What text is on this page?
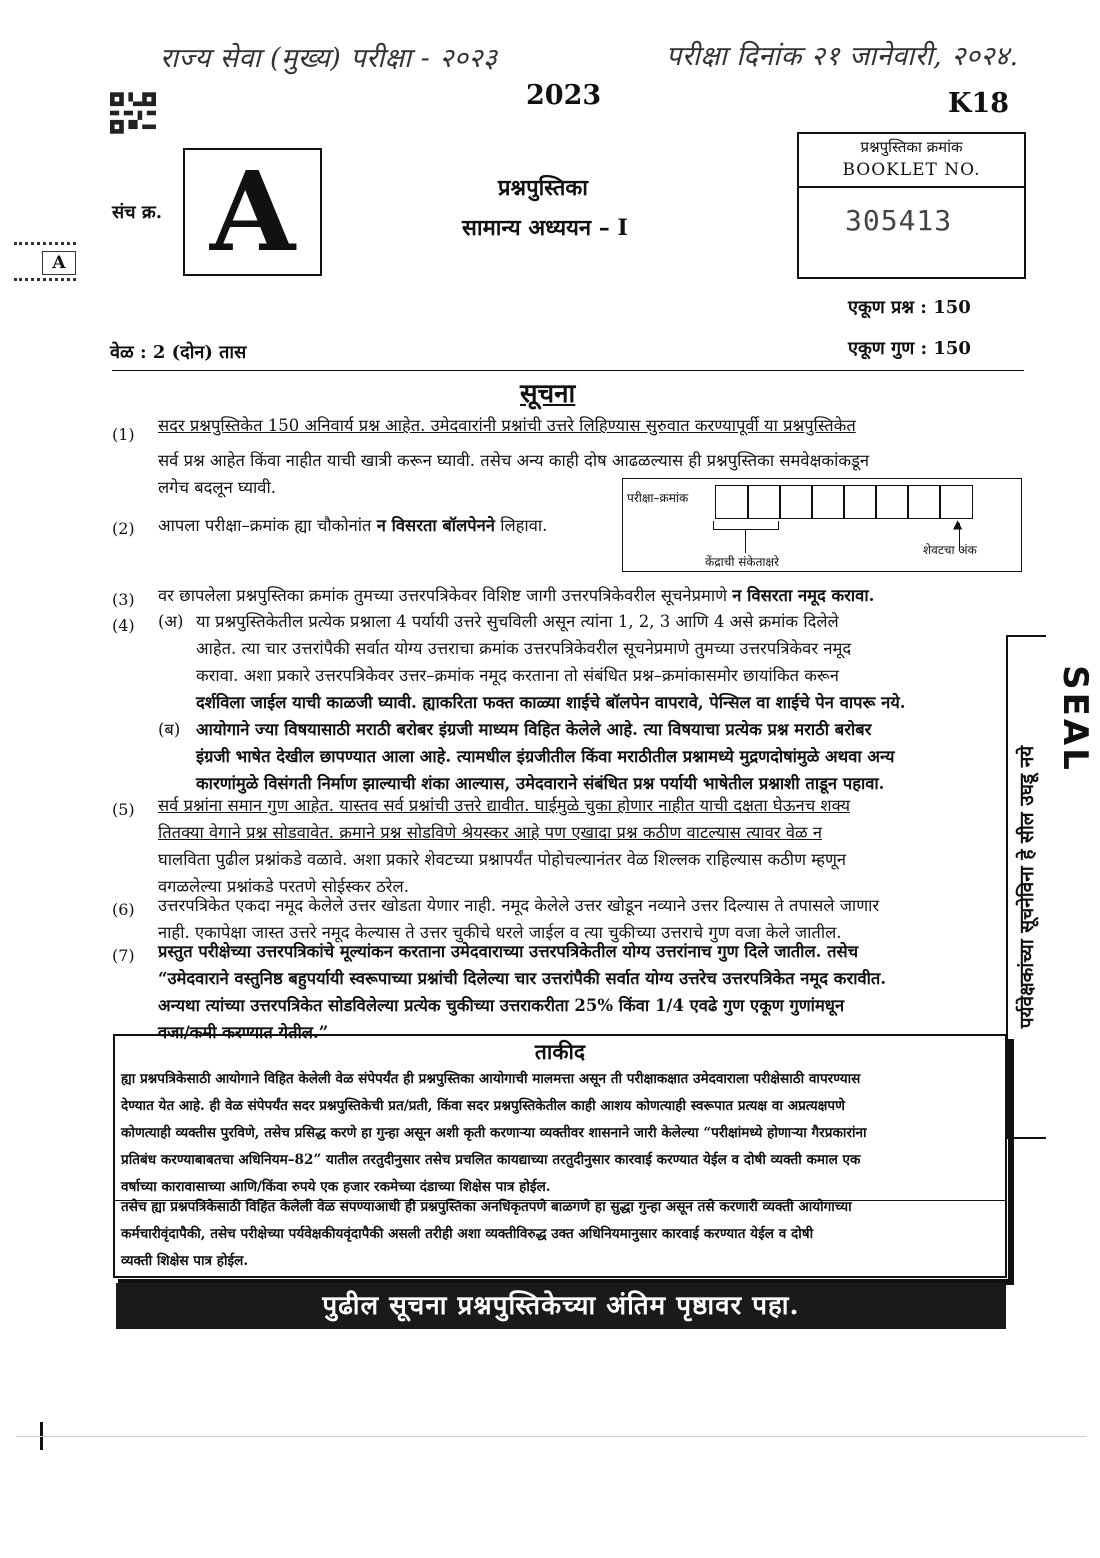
राज्य सेवा (मुख्य) परीक्षा - २०२३	परीक्षा दिनांक २१ जानेवारी, २०२४.
2023	K18
संच क्र. A
A
प्रश्नपुस्तिका
सामान्य अध्ययन – I
प्रश्नपुस्तिका क्रमांक
BOOKLET NO.
305413
एकूण प्रश्न : 150
वेळ : 2 (दोन) तास	एकूण गुण : 150
सूचना
(1) सदर प्रश्नपुस्तिकेत 150 अनिवार्य प्रश्न आहेत. उमेदवारांनी प्रश्नांची उत्तरे लिहिण्यास सुरुवात करण्यापूर्वी या प्रश्नपुस्तिकेत
सर्व प्रश्न आहेत किंवा नाहीत याची खात्री करून घ्यावी. तसेच अन्य काही दोष आढळल्यास ही प्रश्नपुस्तिका समवेक्षकांकडून
लगेच बदलून घ्यावी.
(2) आपला परीक्षा–क्रमांक ह्या चौकोनांत न विसरता बॉलपेनने लिहावा.
परीक्षा–क्रमांक
▲
केंद्राची संकेताक्षरे
शेवटचा अंक
(3) वर छापलेला प्रश्नपुस्तिका क्रमांक तुमच्या उत्तरपत्रिकेवर विशिष्ट जागी उत्तरपत्रिकेवरील सूचनेप्रमाणे न विसरता नमूद करावा.
(4) (अ) या प्रश्नपुस्तिकेतील प्रत्येक प्रश्नाला 4 पर्यायी उत्तरे सुचविली असून त्यांना 1, 2, 3 आणि 4 असे क्रमांक दिलेले
आहेत. त्या चार उत्तरांपैकी सर्वात योग्य उत्तराचा क्रमांक उत्तरपत्रिकेवरील सूचनेप्रमाणे तुमच्या उत्तरपत्रिकेवर नमूद
करावा. अशा प्रकारे उत्तरपत्रिकेवर उत्तर–क्रमांक नमूद करताना तो संबंधित प्रश्न–क्रमांकासमोर छायांकित करून
दर्शविला जाईल याची काळजी घ्यावी. ह्याकरिता फक्त काळ्या शाईचे बॉलपेन वापरावे, पेन्सिल वा शाईचे पेन वापरू नये.
(ब) आयोगाने ज्या विषयासाठी मराठी बरोबर इंग्रजी माध्यम विहित केलेले आहे. त्या विषयाचा प्रत्येक प्रश्न मराठी बरोबर
इंग्रजी भाषेत देखील छापण्यात आला आहे. त्यामधील इंग्रजीतील किंवा मराठीतील प्रश्नामध्ये मुद्रणदोषांमुळे अथवा अन्य
कारणांमुळे विसंगती निर्माण झाल्याची शंका आल्यास, उमेदवाराने संबंधित प्रश्न पर्यायी भाषेतील प्रश्नाशी ताडून पहावा.
(5) सर्व प्रश्नांना समान गुण आहेत. यास्तव सर्व प्रश्नांची उत्तरे द्यावीत. घाईमुळे चुका होणार नाहीत याची दक्षता घेऊनच शक्य
तितक्या वेगाने प्रश्न सोडवावेत. क्रमाने प्रश्न सोडविणे श्रेयस्कर आहे पण एखादा प्रश्न कठीण वाटल्यास त्यावर वेळ न
घालविता पुढील प्रश्नांकडे वळावे. अशा प्रकारे शेवटच्या प्रश्नापर्यंत पोहोचल्यानंतर वेळ शिल्लक राहिल्यास कठीण म्हणून
वगळलेल्या प्रश्नांकडे परतणे सोईस्कर ठरेल.
(6) उत्तरपत्रिकेत एकदा नमूद केलेले उत्तर खोडता येणार नाही. नमूद केलेले उत्तर खोडून नव्याने उत्तर दिल्यास ते तपासले जाणार
नाही. एकापेक्षा जास्त उत्तरे नमूद केल्यास ते उत्तर चुकीचे धरले जाईल व त्या चुकीच्या उत्तराचे गुण वजा केले जातील.
(7) प्रस्तुत परीक्षेच्या उत्तरपत्रिकांचे मूल्यांकन करताना उमेदवाराच्या उत्तरपत्रिकेतील योग्य उत्तरांनाच गुण दिले जातील. तसेच
“उमेदवाराने वस्तुनिष्ठ बहुपर्यायी स्वरूपाच्या प्रश्नांची दिलेल्या चार उत्तरांपैकी सर्वात योग्य उत्तरेच उत्तरपत्रिकेत नमूद करावीत.
अन्यथा त्यांच्या उत्तरपत्रिकेत सोडविलेल्या प्रत्येक चुकीच्या उत्तराकरीता 25% किंवा 1/4 एवढे गुण एकूण गुणांमधून
वजा/कमी करण्यात येतील.”
पर्यवेक्षकांच्या सूचनेविना हे सील उघडू नये
SEAL
ताकीद
ह्या प्रश्नपत्रिकेसाठी आयोगाने विहित केलेली वेळ संपेपर्यंत ही प्रश्नपुस्तिका आयोगाची मालमत्ता असून ती परीक्षाकक्षात उमेदवाराला परीक्षेसाठी वापरण्यास
देण्यात येत आहे. ही वेळ संपेपर्यंत सदर प्रश्नपुस्तिकेची प्रत/प्रती, किंवा सदर प्रश्नपुस्तिकेतील काही आशय कोणत्याही स्वरूपात प्रत्यक्ष वा अप्रत्यक्षपणे
कोणत्याही व्यक्तीस पुरविणे, तसेच प्रसिद्ध करणे हा गुन्हा असून अशी कृती करणाऱ्या व्यक्तीवर शासनाने जारी केलेल्या “परीक्षांमध्ये होणाऱ्या गैरप्रकारांना
प्रतिबंध करण्याबाबतचा अधिनियम–82” यातील तरतुदीनुसार तसेच प्रचलित कायद्याच्या तरतुदीनुसार कारवाई करण्यात येईल व दोषी व्यक्ती कमाल एक
वर्षाच्या कारावासाच्या आणि/किंवा रुपये एक हजार रकमेच्या दंडाच्या शिक्षेस पात्र होईल.
तसेच ह्या प्रश्नपत्रिकेसाठी विहित केलेली वेळ संपण्याआधी ही प्रश्नपुस्तिका अनधिकृतपणे बाळगणे हा सुद्धा गुन्हा असून तसे करणारी व्यक्ती आयोगाच्या
कर्मचारीवृंदापैकी, तसेच परीक्षेच्या पर्यवेक्षकीयवृंदापैकी असली तरीही अशा व्यक्तीविरुद्ध उक्त अधिनियमानुसार कारवाई करण्यात येईल व दोषी
व्यक्ती शिक्षेस पात्र होईल.
पुढील सूचना प्रश्नपुस्तिकेच्या अंतिम पृष्ठावर पहा.
